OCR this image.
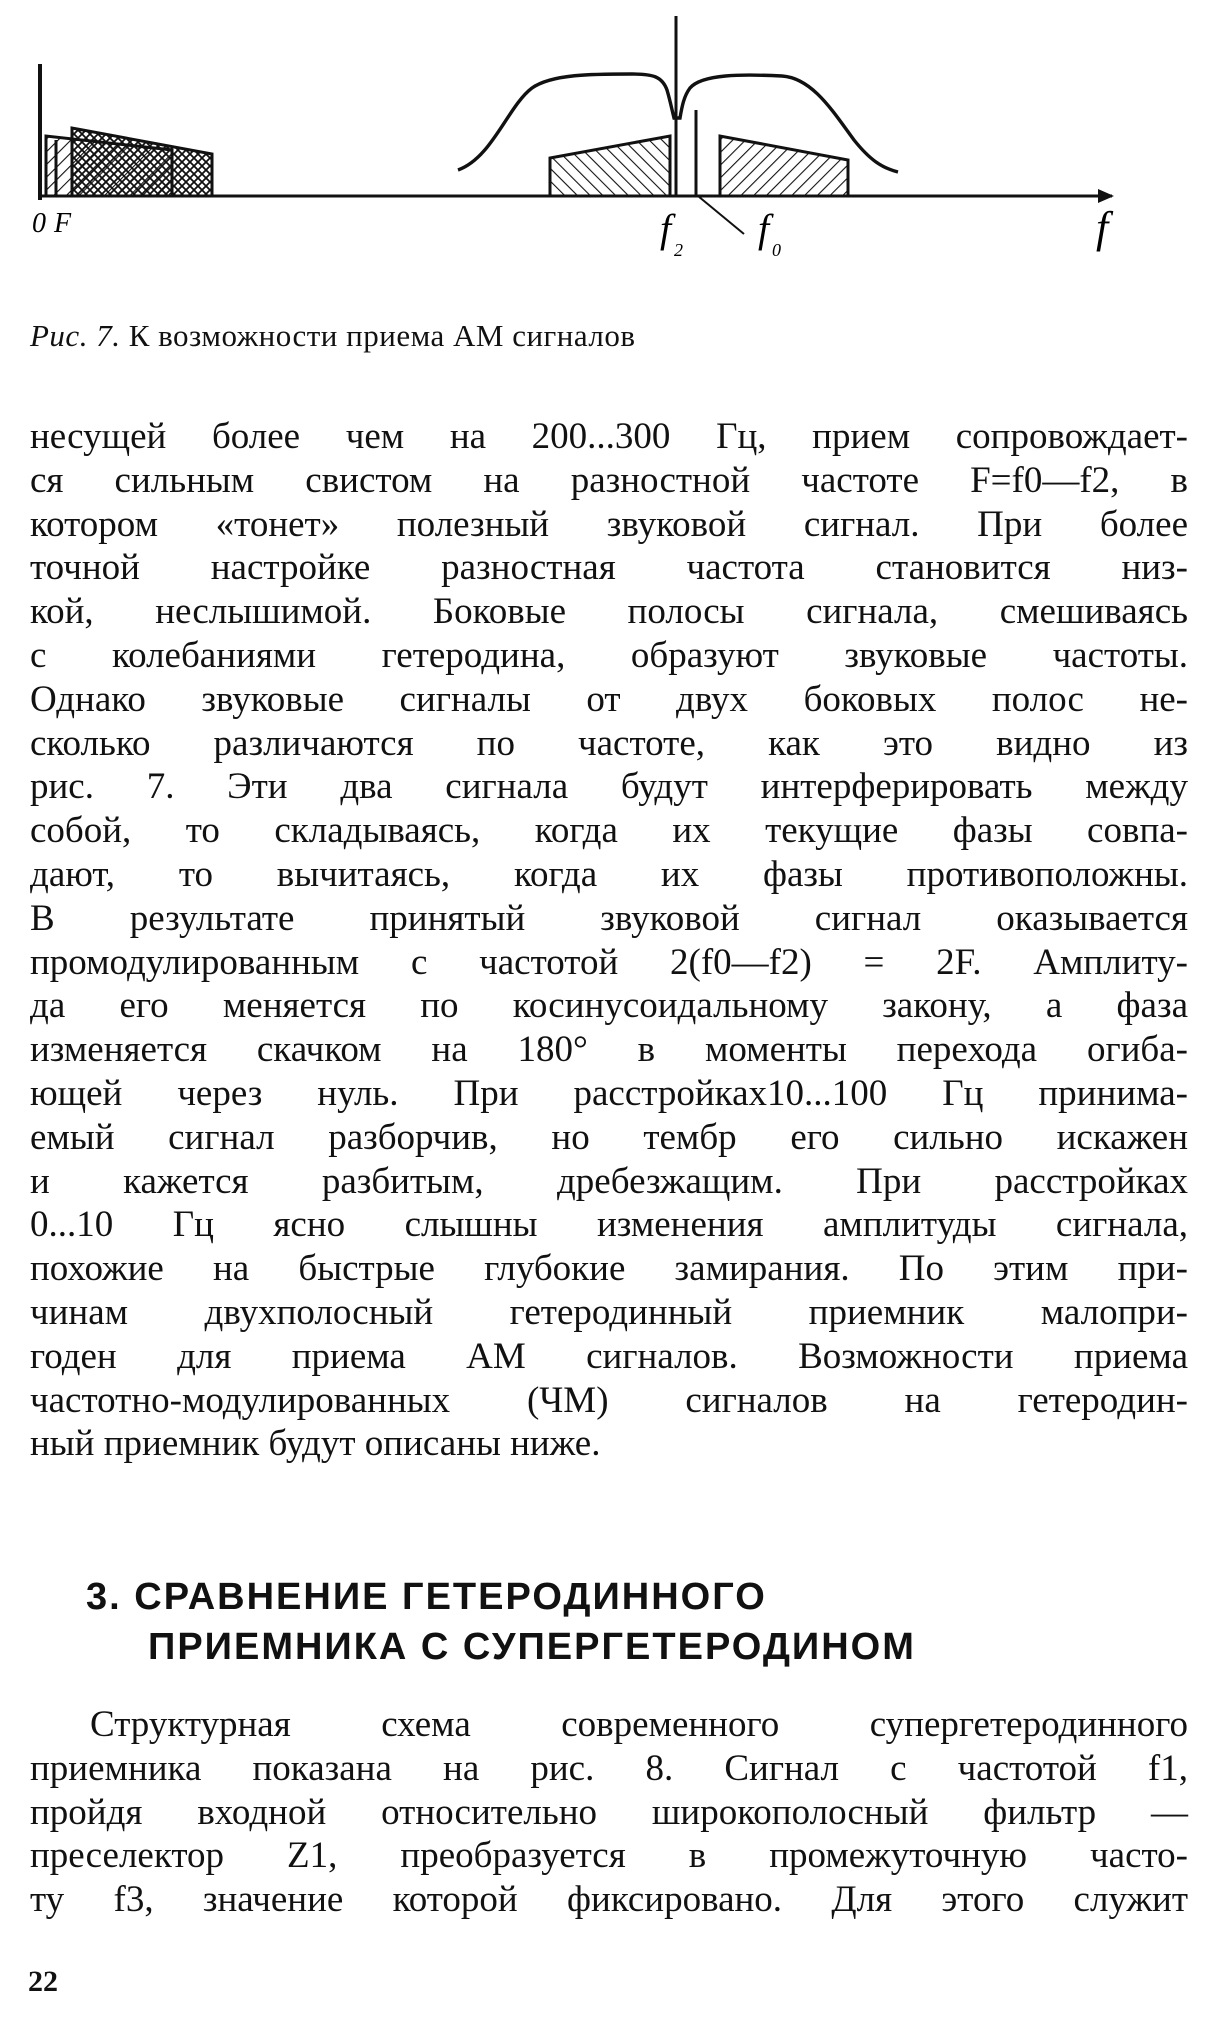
0 F	f 2 f 0	f
Рис. 7. К возможности приема АМ сигналов
несущей более чем на 200...300 Гц, прием сопровождает-
ся сильным свистом на разностной частоте F=f0—f2, в
котором «тонет» полезный звуковой сигнал. При более
точной настройке разностная частота становится низ-
кой, неслышимой. Боковые полосы сигнала, смешиваясь
с колебаниями гетеродина, образуют звуковые частоты.
Однако звуковые сигналы от двух боковых полос не-
сколько различаются по частоте, как это видно из
рис. 7. Эти два сигнала будут интерферировать между
собой, то складываясь, когда их текущие фазы совпа-
дают, то вычитаясь, когда их фазы противоположны.
В результате принятый звуковой сигнал оказывается
промодулированным с частотой 2(f0—f2) = 2F. Амплиту-
да его меняется по косинусоидальному закону, а фаза
изменяется скачком на 180° в моменты перехода огиба-
ющей через нуль. При расстройках10...100 Гц принима-
емый сигнал разборчив, но тембр его сильно искажен
и кажется разбитым, дребезжащим. При расстройках
0...10 Гц ясно слышны изменения амплитуды сигнала,
похожие на быстрые глубокие замирания. По этим при-
чинам двухполосный гетеродинный приемник малопри-
годен для приема АМ сигналов. Возможности приема
частотно-модулированных (ЧМ) сигналов на гетеродин-
ный приемник будут описаны ниже.
3. СРАВНЕНИЕ ГЕТЕРОДИННОГО
ПРИЕМНИКА С СУПЕРГЕТЕРОДИНОМ
Структурная схема современного супергетеродинного
приемника показана на рис. 8. Сигнал с частотой f1,
пройдя входной относительно широкополосный фильтр —
преселектор Z1, преобразуется в промежуточную часто-
ту f3, значение которой фиксировано. Для этого служит
22
